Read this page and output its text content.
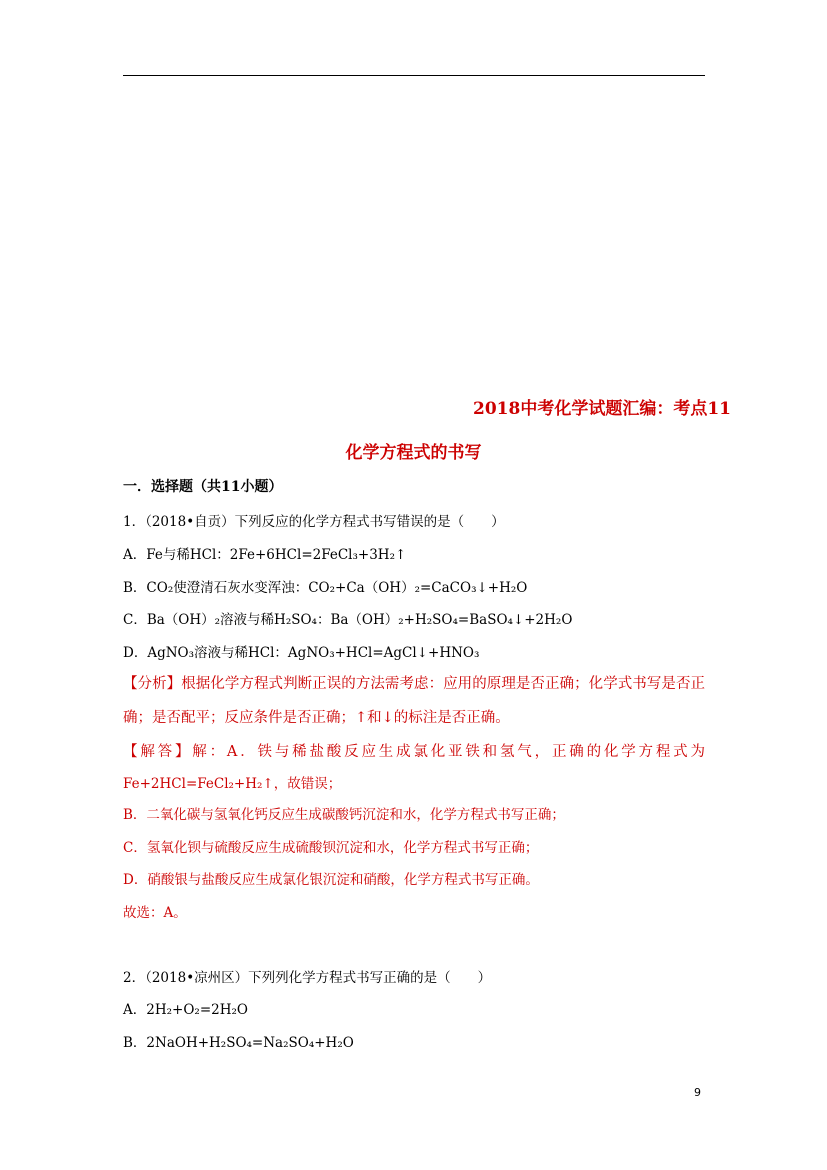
2018中考化学试题汇编：考点11
化学方程式的书写
一．选择题（共11小题）
1．（2018•自贡）下列反应的化学方程式书写错误的是（　　）
A．Fe与稀HCl：2Fe+6HCl=2FeCl₃+3H₂↑
B．CO₂使澄清石灰水变浑浊：CO₂+Ca（OH）₂=CaCO₃↓+H₂O
C．Ba（OH）₂溶液与稀H₂SO₄：Ba（OH）₂+H₂SO₄=BaSO₄↓+2H₂O
D．AgNO₃溶液与稀HCl：AgNO₃+HCl=AgCl↓+HNO₃
【分析】根据化学方程式判断正误的方法需考虑：应用的原理是否正确；化学式书写是否正
确；是否配平；反应条件是否正确；↑和↓的标注是否正确。
【解答】解：A．铁与稀盐酸反应生成氯化亚铁和氢气，正确的化学方程式为
Fe+2HCl=FeCl₂+H₂↑，故错误；
B．二氧化碳与氢氧化钙反应生成碳酸钙沉淀和水，化学方程式书写正确；
C．氢氧化钡与硫酸反应生成硫酸钡沉淀和水，化学方程式书写正确；
D．硝酸银与盐酸反应生成氯化银沉淀和硝酸，化学方程式书写正确。
故选：A。
2．（2018•凉州区）下列列化学方程式书写正确的是（　　）
A．2H₂+O₂=2H₂O
B．2NaOH+H₂SO₄=Na₂SO₄+H₂O
9
